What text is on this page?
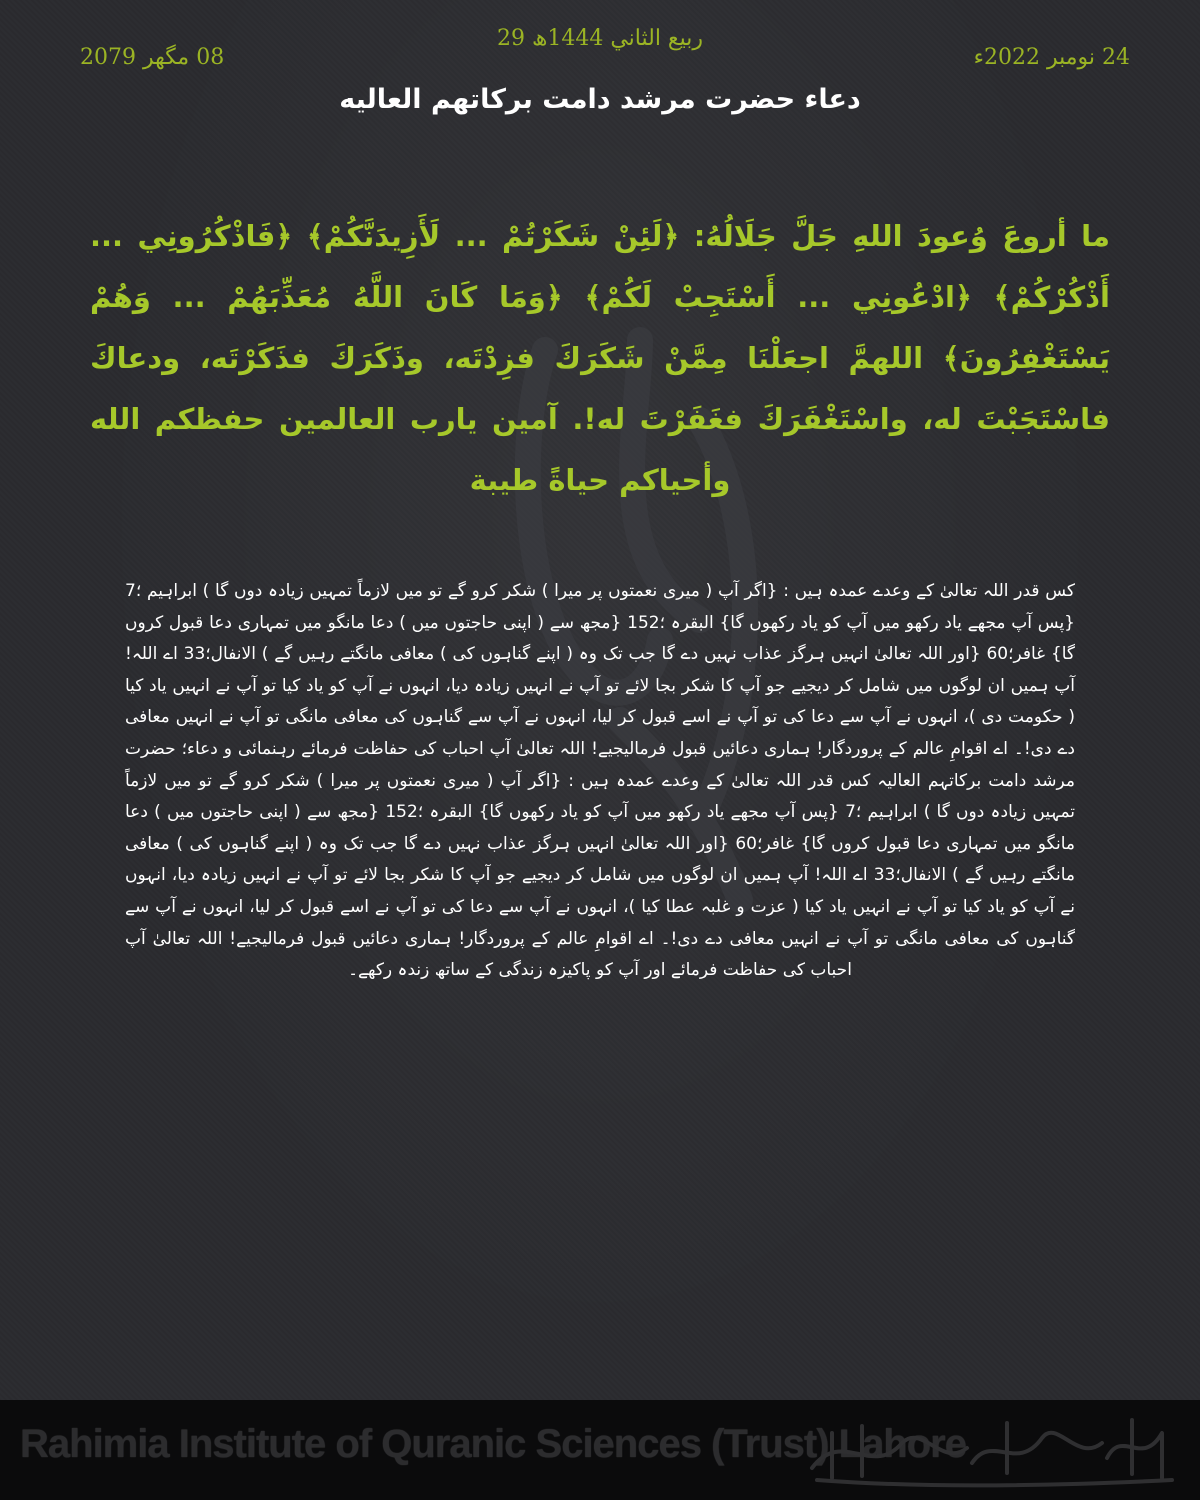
29 ربيع الثاني 1444ھ
24 نومبر 2022ء
08 مگھر 2079
دعاء حضرت مرشد دامت برکاتهم العالیه
ما أروعَ وُعودَ اللهِ جَلَّ جَلَالُهُ: ﴿لَئِنْ شَكَرْتُمْ ... لَأَزِيدَنَّكُمْ﴾ ﴿فَاذْكُرُونِي ... أَذْكُرْكُمْ﴾ ﴿ادْعُونِي ... أَسْتَجِبْ لَكُمْ﴾ ﴿وَمَا كَانَ اللَّهُ مُعَذِّبَهُمْ ... وَهُمْ يَسْتَغْفِرُونَ﴾ اللهمَّ اجعَلْنَا مِمَّنْ شَكَرَكَ فزِدْتَه، وذَكَرَكَ فذَكَرْتَه، ودعاكَ فاسْتَجَبْتَ له، واسْتَغْفَرَكَ فغَفَرْتَ له!. آمين يارب العالمين حفظكم الله وأحياكم حياةً طيبة
کس قدر اللہ تعالیٰ کے وعدے عمدہ ہیں : {اگر آپ ( میری نعمتوں پر میرا ) شکر کرو گے تو میں لازماً تمہیں زیادہ دوں گا ) ابراہیم ؛7 {پس آپ مجھے یاد رکھو میں آپ کو یاد رکھوں گا} البقرہ ؛152 {مجھ سے ( اپنی حاجتوں میں ) دعا مانگو میں تمہاری دعا قبول کروں گا} غافر؛60 {اور اللہ تعالیٰ انہیں ہرگز عذاب نہیں دے گا جب تک وہ ( اپنے گناہوں کی ) معافی مانگتے رہیں گے ) الانفال؛33 اے اللہ! آپ ہمیں ان لوگوں میں شامل کر دیجیے جو آپ کا شکر بجا لائے تو آپ نے انہیں زیادہ دیا، انہوں نے آپ کو یاد کیا تو آپ نے انہیں یاد کیا ( حکومت دی )، انہوں نے آپ سے دعا کی تو آپ نے اسے قبول کر لیا، انہوں نے آپ سے گناہوں کی معافی مانگی تو آپ نے انہیں معافی دے دی!۔ اے اقوامِ عالم کے پروردگار! ہماری دعائیں قبول فرمالیجیے! اللہ تعالیٰ آپ احباب کی حفاظت فرمائے رہنمائی و دعاء؛ حضرت مرشد دامت برکاتہم العالیہ کس قدر اللہ تعالیٰ کے وعدے عمدہ ہیں : {اگر آپ ( میری نعمتوں پر میرا ) شکر کرو گے تو میں لازماً تمہیں زیادہ دوں گا ) ابراہیم ؛7 {پس آپ مجھے یاد رکھو میں آپ کو یاد رکھوں گا} البقرہ ؛152 {مجھ سے ( اپنی حاجتوں میں ) دعا مانگو میں تمہاری دعا قبول کروں گا} غافر؛60 {اور اللہ تعالیٰ انہیں ہرگز عذاب نہیں دے گا جب تک وہ ( اپنے گناہوں کی ) معافی مانگتے رہیں گے ) الانفال؛33 اے اللہ! آپ ہمیں ان لوگوں میں شامل کر دیجیے جو آپ کا شکر بجا لائے تو آپ نے انہیں زیادہ دیا، انہوں نے آپ کو یاد کیا تو آپ نے انہیں یاد کیا ( عزت و غلبہ عطا کیا )، انہوں نے آپ سے دعا کی تو آپ نے اسے قبول کر لیا، انہوں نے آپ سے گناہوں کی معافی مانگی تو آپ نے انہیں معافی دے دی!۔ اے اقوامِ عالم کے پروردگار! ہماری دعائیں قبول فرمالیجیے! اللہ تعالیٰ آپ احباب کی حفاظت فرمائے اور آپ کو پاکیزہ زندگی کے ساتھ زندہ رکھے۔
Rahimia Institute of Quranic Sciences (Trust) Lahore
